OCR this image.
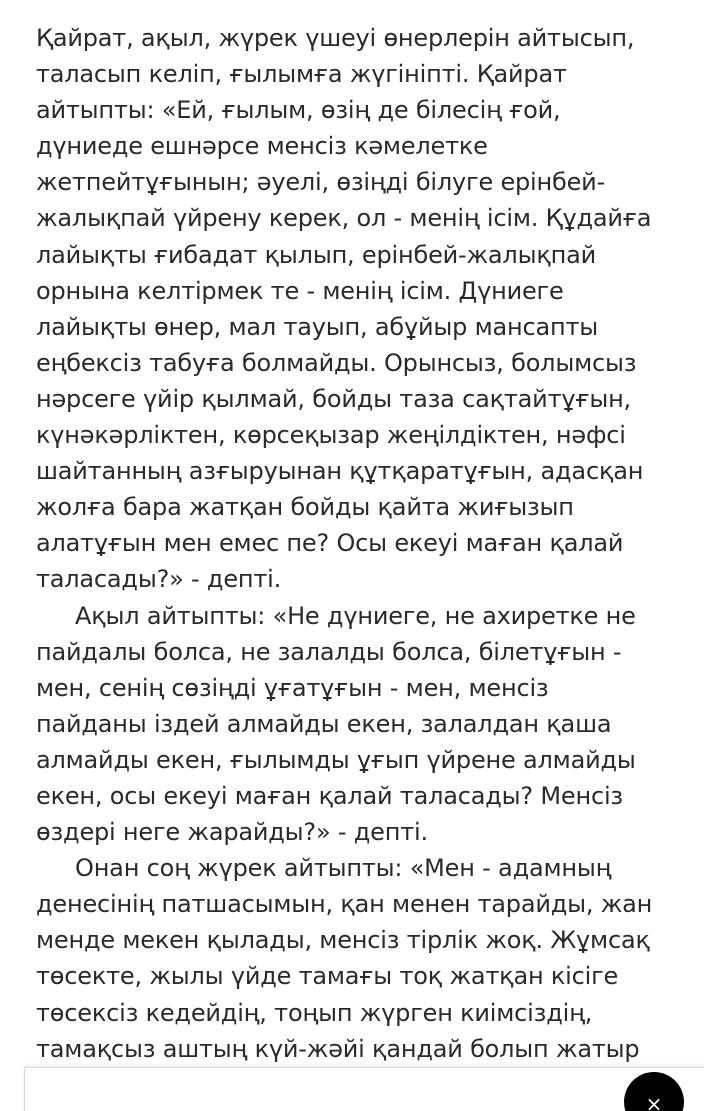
Қайрат, ақыл, жүрек үшеуі өнерлерін айтысып,
таласып келіп, ғылымға жүгініпті. Қайрат
айтыпты: «Ей, ғылым, өзің де білесің ғой,
дүниеде ешнәрсе менсіз кәмелетке
жетпейтұғынын; әуелі, өзіңді білуге ерінбей-
жалықпай үйрену керек, ол - менің ісім. Құдайға
лайықты ғибадат қылып, ерінбей-жалықпай
орнына келтірмек те - менің ісім. Дүниеге
лайықты өнер, мал тауып, абұйыр мансапты
еңбексіз табуға болмайды. Орынсыз, болымсыз
нәрсеге үйір қылмай, бойды таза сақтайтұғын,
күнәкәрліктен, көрсеқызар жеңілдіктен, нәфсі
шайтанның азғыруынан құтқаратұғын, адасқан
жолға бара жатқан бойды қайта жиғызып
алатұғын мен емес пе? Осы екеуі маған қалай
таласады?» - депті.
Ақыл айтыпты: «Не дүниеге, не ахиретке не
пайдалы болса, не залалды болса, білетұғын -
мен, сенің сөзіңді ұғатұғын - мен, менсіз
пайданы іздей алмайды екен, залалдан қаша
алмайды екен, ғылымды ұғып үйрене алмайды
екен, осы екеуі маған қалай таласады? Менсіз
өздері неге жарайды?» - депті.
Онан соң жүрек айтыпты: «Мен - адамның
денесінің патшасымын, қан менен тарайды, жан
менде мекен қылады, менсіз тірлік жоқ. Жұмсақ
төсекте, жылы үйде тамағы тоқ жатқан кісіге
төсексіз кедейдің, тоңып жүрген киімсіздің,
тамақсыз аштың күй-жәйі қандай болып жатыр
×
